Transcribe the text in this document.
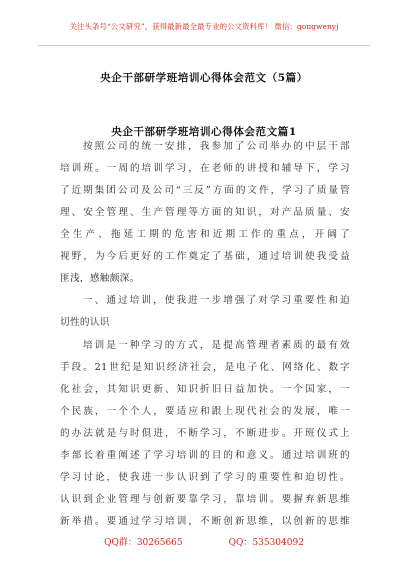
关注头条号“公文研究”，获得最新最全最专业的公文资料库！ 微信：gongwenyj
央企干部研学班培训心得体会范文（5篇）
央企干部研学班培训心得体会范文篇1
按照公司的统一安排，我参加了公司举办的中层干部
培训班。一周的培训学习，在老师的讲授和辅导下，学习
了近期集团公司及公司“三反”方面的文件，学习了质量管
理、安全管理、生产管理等方面的知识，对产品质量、安
全生产、拖延工期的危害和近期工作的重点，开阔了
视野，为今后更好的工作奠定了基础，通过培训使我受益
匪浅，感触颇深。
一、通过培训，使我进一步增强了对学习重要性和迫
切性的认识
培训是一种学习的方式，是提高管理者素质的最有效
手段。21世纪是知识经济社会，是电子化、网络化、数字
化社会，其知识更新、知识折旧日益加快。一个国家，一
个民族，一个个人，要适应和跟上现代社会的发展，唯一
的办法就是与时俱进，不断学习，不断进步。开班仪式上
李部长着重阐述了学习培训的目的和意义。通过培训班的
学习讨论，使我进一步认识到了学习的重要性和迫切性。
认识到企业管理与创新要靠学习，靠培训。要摒弃新思维
新举措。要通过学习培训，不断创新思维，以创新的思维
QQ群：30265665	QQ：535304092
